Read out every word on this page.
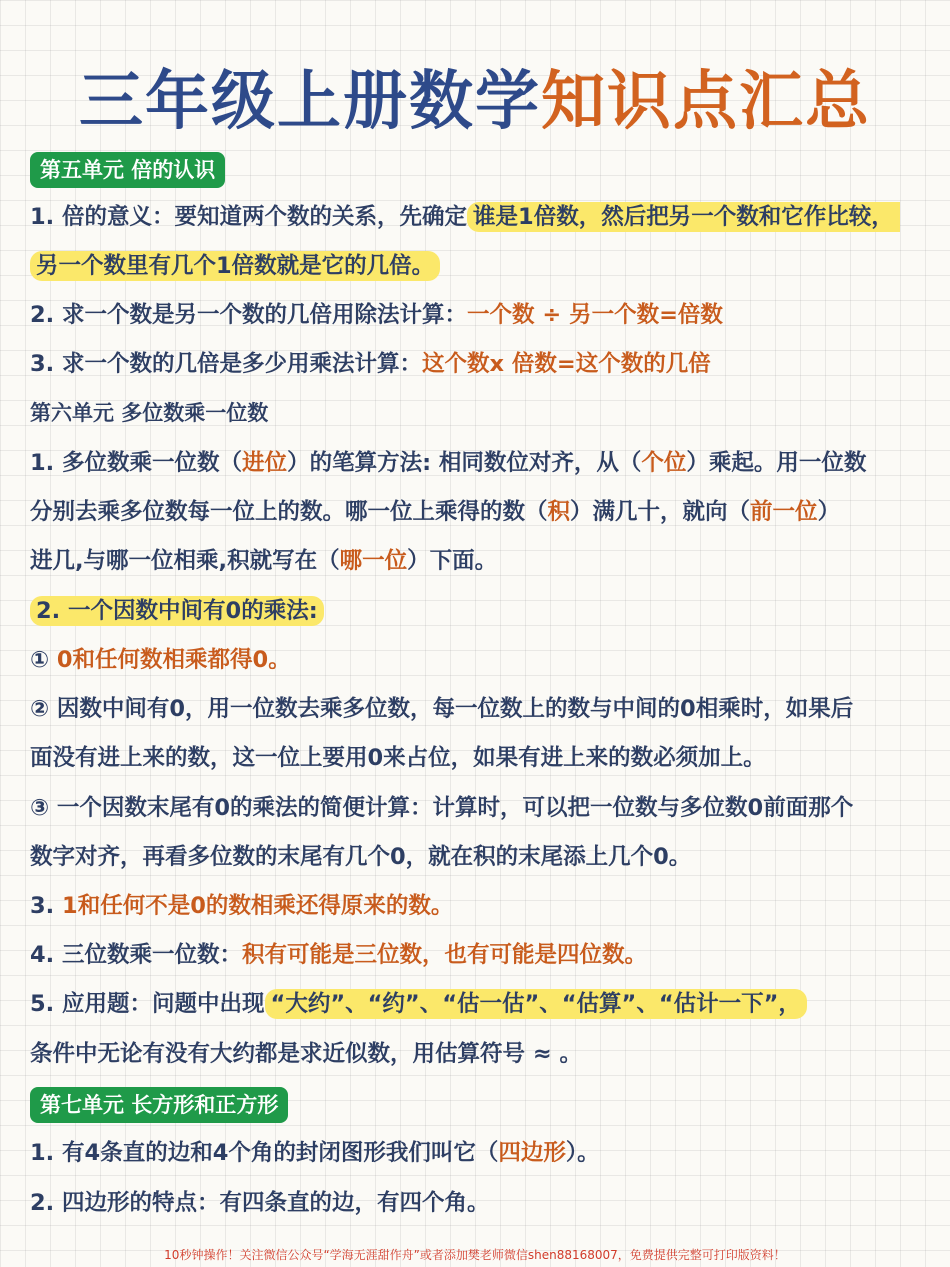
三年级上册数学知识点汇总
第五单元 倍的认识
1. 倍的意义：要知道两个数的关系，先确定 谁是1倍数，然后把另一个数和它作比较，
另一个数里有几个1倍数就是它的几倍。
2. 求一个数是另一个数的几倍用除法计算：一个数 ÷ 另一个数=倍数
3. 求一个数的几倍是多少用乘法计算：这个数x 倍数=这个数的几倍
第六单元 多位数乘一位数
1. 多位数乘一位数（进位）的笔算方法: 相同数位对齐，从（个位）乘起。用一位数
分别去乘多位数每一位上的数。哪一位上乘得的数（积）满几十，就向（前一位）
进几,与哪一位相乘,积就写在（哪一位）下面。
2. 一个因数中间有0的乘法:
① 0和任何数相乘都得0。
② 因数中间有0，用一位数去乘多位数，每一位数上的数与中间的0相乘时，如果后
面没有进上来的数，这一位上要用0来占位，如果有进上来的数必须加上。
③ 一个因数末尾有0的乘法的简便计算：计算时，可以把一位数与多位数0前面那个
数字对齐，再看多位数的末尾有几个0，就在积的末尾添上几个0。
3. 1和任何不是0的数相乘还得原来的数。
4. 三位数乘一位数：积有可能是三位数，也有可能是四位数。
5. 应用题：问题中出现 “大约”、“约”、“估一估”、“估算”、“估计一下”，
条件中无论有没有大约都是求近似数，用估算符号 ≈ 。
第七单元 长方形和正方形
1. 有4条直的边和4个角的封闭图形我们叫它（四边形）。
2. 四边形的特点：有四条直的边，有四个角。
10秒钟操作！关注微信公众号“学海无涯甜作舟”或者添加樊老师微信shen88168007，免费提供完整可打印版资料！
